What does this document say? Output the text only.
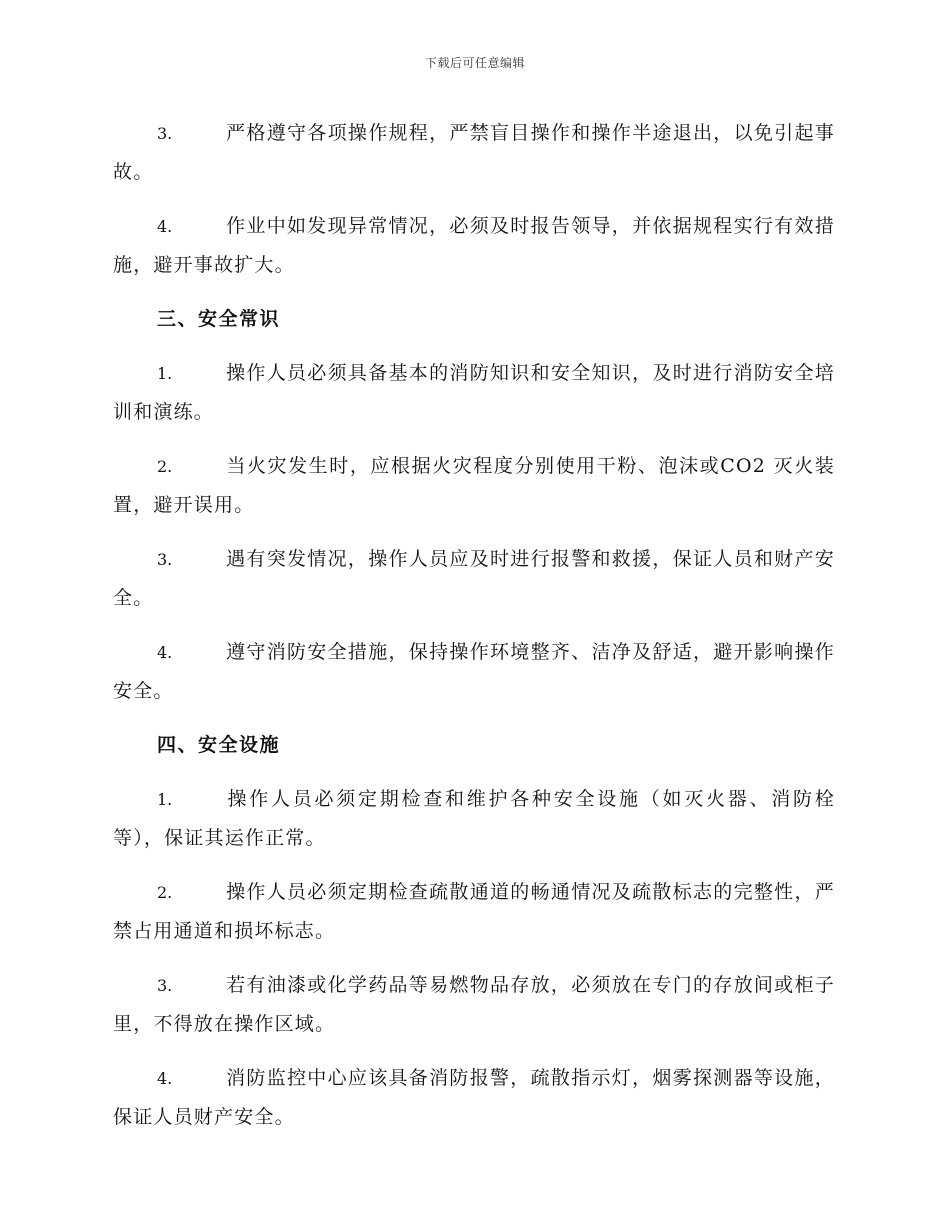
下载后可任意编辑

3.	严格遵守各项操作规程，严禁盲目操作和操作半途退出，以免引起事故。

4.	作业中如发现异常情况，必须及时报告领导，并依据规程实行有效措施，避开事故扩大。

三、安全常识

1.	操作人员必须具备基本的消防知识和安全知识，及时进行消防安全培训和演练。

2.	当火灾发生时，应根据火灾程度分别使用干粉、泡沫或CO2 灭火装置，避开误用。

3.	遇有突发情况，操作人员应及时进行报警和救援，保证人员和财产安全。

4.	遵守消防安全措施，保持操作环境整齐、洁净及舒适，避开影响操作安全。

四、安全设施

1.	操作人员必须定期检查和维护各种安全设施（如灭火器、消防栓等），保证其运作正常。

2.	操作人员必须定期检查疏散通道的畅通情况及疏散标志的完整性，严禁占用通道和损坏标志。

3.	若有油漆或化学药品等易燃物品存放，必须放在专门的存放间或柜子里，不得放在操作区域。

4.	消防监控中心应该具备消防报警，疏散指示灯，烟雾探测器等设施，保证人员财产安全。
